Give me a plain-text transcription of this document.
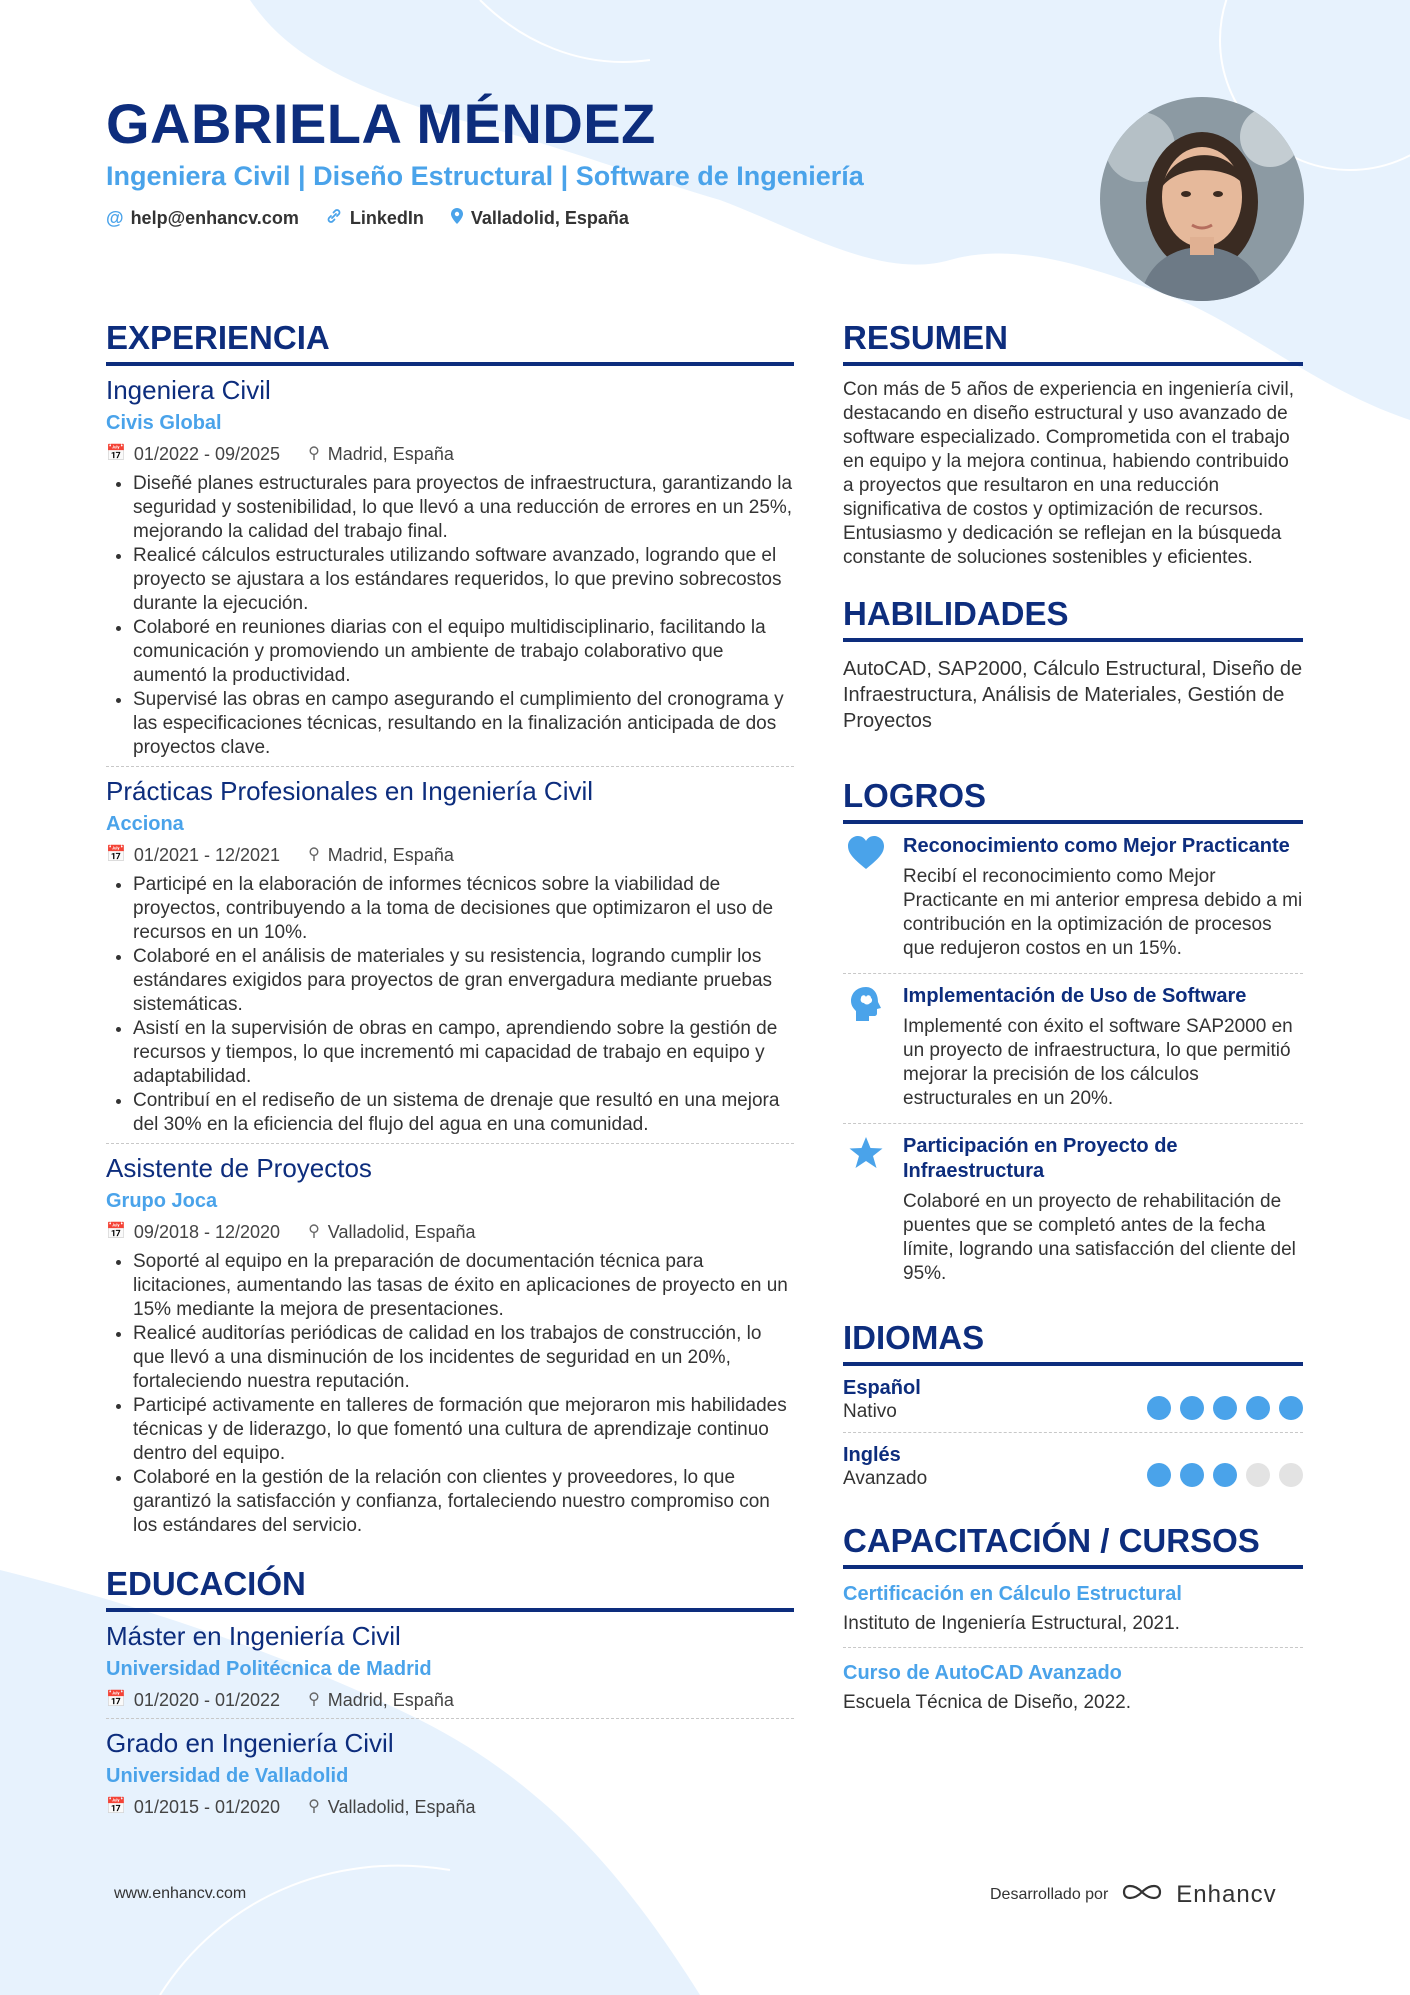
GABRIELA MÉNDEZ
Ingeniera Civil | Diseño Estructural | Software de Ingeniería
@ help@enhancv.com	LinkedIn	Valladolid, España
EXPERIENCIA
Ingeniera Civil
Civis Global
📅 01/2022 - 09/2025 ⚲ Madrid, España
• Diseñé planes estructurales para proyectos de infraestructura, garantizando la seguridad y sostenibilidad, lo que llevó a una reducción de errores en un 25%, mejorando la calidad del trabajo final.
• Realicé cálculos estructurales utilizando software avanzado, logrando que el proyecto se ajustara a los estándares requeridos, lo que previno sobrecostos durante la ejecución.
• Colaboré en reuniones diarias con el equipo multidisciplinario, facilitando la comunicación y promoviendo un ambiente de trabajo colaborativo que aumentó la productividad.
• Supervisé las obras en campo asegurando el cumplimiento del cronograma y las especificaciones técnicas, resultando en la finalización anticipada de dos proyectos clave.
Prácticas Profesionales en Ingeniería Civil
Acciona
📅 01/2021 - 12/2021 ⚲ Madrid, España
• Participé en la elaboración de informes técnicos sobre la viabilidad de proyectos, contribuyendo a la toma de decisiones que optimizaron el uso de recursos en un 10%.
• Colaboré en el análisis de materiales y su resistencia, logrando cumplir los estándares exigidos para proyectos de gran envergadura mediante pruebas sistemáticas.
• Asistí en la supervisión de obras en campo, aprendiendo sobre la gestión de recursos y tiempos, lo que incrementó mi capacidad de trabajo en equipo y adaptabilidad.
• Contribuí en el rediseño de un sistema de drenaje que resultó en una mejora del 30% en la eficiencia del flujo del agua en una comunidad.
Asistente de Proyectos
Grupo Joca
📅 09/2018 - 12/2020 ⚲ Valladolid, España
• Soporté al equipo en la preparación de documentación técnica para licitaciones, aumentando las tasas de éxito en aplicaciones de proyecto en un 15% mediante la mejora de presentaciones.
• Realicé auditorías periódicas de calidad en los trabajos de construcción, lo que llevó a una disminución de los incidentes de seguridad en un 20%, fortaleciendo nuestra reputación.
• Participé activamente en talleres de formación que mejoraron mis habilidades técnicas y de liderazgo, lo que fomentó una cultura de aprendizaje continuo dentro del equipo.
• Colaboré en la gestión de la relación con clientes y proveedores, lo que garantizó la satisfacción y confianza, fortaleciendo nuestro compromiso con los estándares del servicio.
EDUCACIÓN
Máster en Ingeniería Civil
Universidad Politécnica de Madrid
📅 01/2020 - 01/2022 ⚲ Madrid, España
Grado en Ingeniería Civil
Universidad de Valladolid
📅 01/2015 - 01/2020 ⚲ Valladolid, España
RESUMEN
Con más de 5 años de experiencia en ingeniería civil, destacando en diseño estructural y uso avanzado de software especializado. Comprometida con el trabajo en equipo y la mejora continua, habiendo contribuido a proyectos que resultaron en una reducción significativa de costos y optimización de recursos. Entusiasmo y dedicación se reflejan en la búsqueda constante de soluciones sostenibles y eficientes.
HABILIDADES
AutoCAD, SAP2000, Cálculo Estructural, Diseño de Infraestructura, Análisis de Materiales, Gestión de Proyectos
LOGROS
Reconocimiento como Mejor Practicante
Recibí el reconocimiento como Mejor Practicante en mi anterior empresa debido a mi contribución en la optimización de procesos que redujeron costos en un 15%.
Implementación de Uso de Software
Implementé con éxito el software SAP2000 en un proyecto de infraestructura, lo que permitió mejorar la precisión de los cálculos estructurales en un 20%.
Participación en Proyecto de Infraestructura
Colaboré en un proyecto de rehabilitación de puentes que se completó antes de la fecha límite, logrando una satisfacción del cliente del 95%.
IDIOMAS
Español
Nativo
Inglés
Avanzado
CAPACITACIÓN / CURSOS
Certificación en Cálculo Estructural
Instituto de Ingeniería Estructural, 2021.
Curso de AutoCAD Avanzado
Escuela Técnica de Diseño, 2022.
www.enhancv.com	Desarrollado por	Enhancv
